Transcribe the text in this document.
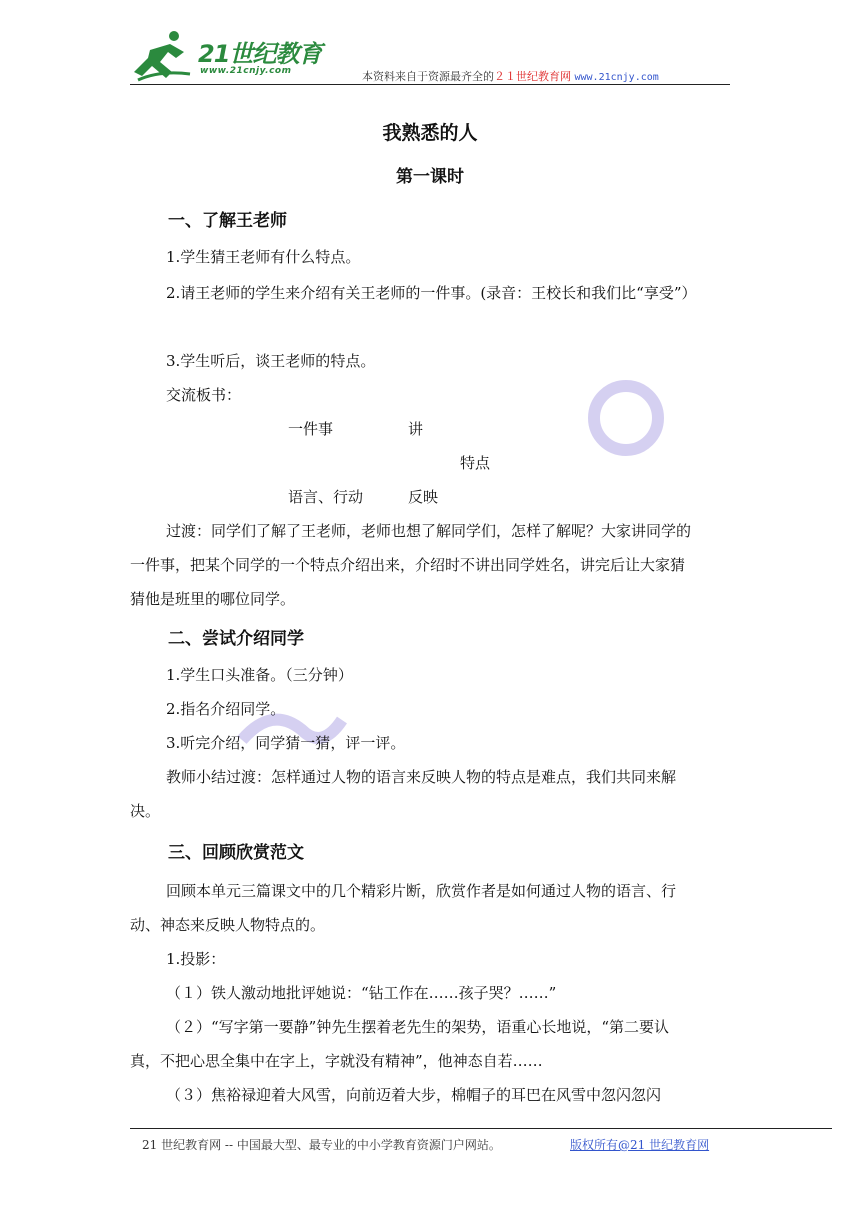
21世纪教育
www.21cnjy.com	本资料来自于资源最齐全的２１世纪教育网 www.21cnjy.com
我熟悉的人
第一课时
一、了解王老师
1.学生猜王老师有什么特点。
2.请王老师的学生来介绍有关王老师的一件事。(录音：王校长和我们比“享受”）
3.学生听后，谈王老师的特点。
交流板书：
一件事	讲
特点
语言、行动	反映
过渡：同学们了解了王老师，老师也想了解同学们，怎样了解呢？大家讲同学的一件事，把某个同学的一个特点介绍出来，介绍时不讲出同学姓名，讲完后让大家猜猜他是班里的哪位同学。
二、尝试介绍同学
1.学生口头准备。（三分钟）
2.指名介绍同学。
3.听完介绍，同学猜一猜，评一评。
教师小结过渡：怎样通过人物的语言来反映人物的特点是难点，我们共同来解决。
三、回顾欣赏范文
回顾本单元三篇课文中的几个精彩片断，欣赏作者是如何通过人物的语言、行动、神态来反映人物特点的。
1.投影：
（１）铁人激动地批评她说：“钻工作在……孩子哭？……”
（２）“写字第一要静”钟先生摆着老先生的架势，语重心长地说，“第二要认真，不把心思全集中在字上，字就没有精神”，他神态自若……
（３）焦裕禄迎着大风雪，向前迈着大步，棉帽子的耳巴在风雪中忽闪忽闪
21 世纪教育网 -- 中国最大型、最专业的中小学教育资源门户网站。	版权所有@21 世纪教育网
